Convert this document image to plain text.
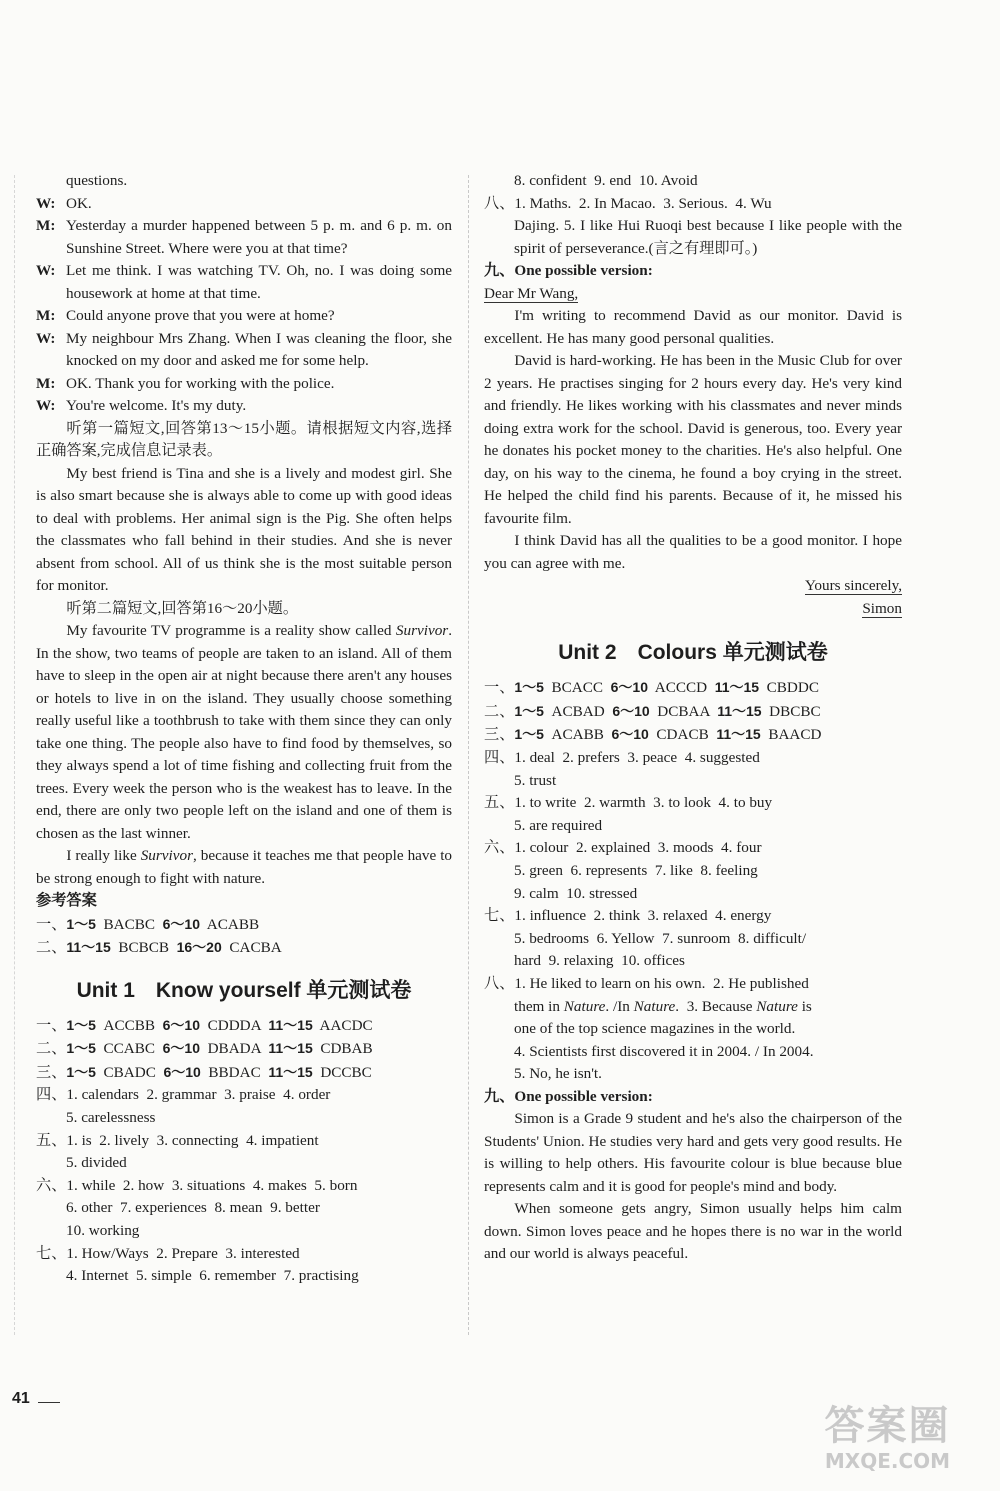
questions.
W: OK.
M: Yesterday a murder happened between 5 p. m. and 6 p. m. on Sunshine Street. Where were you at that time?
W: Let me think. I was watching TV. Oh, no. I was doing some housework at home at that time.
M: Could anyone prove that you were at home?
W: My neighbour Mrs Zhang. When I was cleaning the floor, she knocked on my door and asked me for some help.
M: OK. Thank you for working with the police.
W: You're welcome. It's my duty.

听第一篇短文,回答第13～15小题。请根据短文内容,选择正确答案,完成信息记录表。

My best friend is Tina and she is a lively and modest girl. She is also smart because she is always able to come up with good ideas to deal with problems. Her animal sign is the Pig. She often helps the classmates who fall behind in their studies. And she is never absent from school. All of us think she is the most suitable person for monitor.

听第二篇短文,回答第16～20小题。

My favourite TV programme is a reality show called Survivor. In the show, two teams of people are taken to an island. All of them have to sleep in the open air at night because there aren't any houses or hotels to live in on the island. They usually choose something really useful like a toothbrush to take with them since they can only take one thing. The people also have to find food by themselves, so they always spend a lot of time fishing and collecting fruit from the trees. Every week the person who is the weakest has to leave. In the end, there are only two people left on the island and one of them is chosen as the last winner.

I really like Survivor, because it teaches me that people have to be strong enough to fight with nature.

参考答案
一、1～5 BACBC 6～10 ACABB
二、11～15 BCBCB 16～20 CACBA
Unit 1　Know yourself 单元测试卷
一、1～5 ACCBB 6～10 CDDDA 11～15 AACDC
二、1～5 CCABC 6～10 DBADA 11～15 CDBAB
三、1～5 CBADC 6～10 BBDAC 11～15 DCCBC
四、1. calendars  2. grammar  3. praise  4. order
5. carelessness
五、1. is  2. lively  3. connecting  4. impatient
5. divided
六、1. while  2. how  3. situations  4. makes  5. born
6. other  7. experiences  8. mean  9. better
10. working
七、1. How/Ways  2. Prepare  3. interested
4. Internet  5. simple  6. remember  7. practising
8. confident  9. end  10. Avoid
八、1. Maths.  2. In Macao.  3. Serious.  4. Wu

Dajing. 5. I like Hui Ruoqi best because I like people with the spirit of perseverance.(言之有理即可。)

九、One possible version:
Dear Mr Wang,

I'm writing to recommend David as our monitor. David is excellent. He has many good personal qualities.

David is hard-working. He has been in the Music Club for over 2 years. He practises singing for 2 hours every day. He's very kind and friendly. He likes working with his classmates and never minds doing extra work for the school. David is generous, too. Every year he donates his pocket money to the charities. He's also helpful. One day, on his way to the cinema, he found a boy crying in the street. He helped the child find his parents. Because of it, he missed his favourite film.

I think David has all the qualities to be a good monitor. I hope you can agree with me.

Yours sincerely,
Simon
Unit 2　Colours 单元测试卷
一、1～5 BCACC 6～10 ACCCD 11～15 CBDDC
二、1～5 ACBAD 6～10 DCBAA 11～15 DBCBC
三、1～5 ACABB 6～10 CDACB 11～15 BAACD
四、1. deal  2. prefers  3. peace  4. suggested
5. trust
五、1. to write  2. warmth  3. to look  4. to buy
5. are required
六、1. colour  2. explained  3. moods  4. four
5. green  6. represents  7. like  8. feeling
9. calm  10. stressed
七、1. influence  2. think  3. relaxed  4. energy
5. bedrooms  6. Yellow  7. sunroom  8. difficult/
hard  9. relaxing  10. offices
八、1. He liked to learn on his own.  2. He published
them in Nature. /In Nature.  3. Because Nature is
one of the top science magazines in the world.
4. Scientists first discovered it in 2004. / In 2004.
5. No, he isn't.
九、One possible version:

Simon is a Grade 9 student and he's also the chairperson of the Students' Union. He studies very hard and gets very good results. He is willing to help others. His favourite colour is blue because blue represents calm and it is good for people's mind and body.

When someone gets angry, Simon usually helps him calm down. Simon loves peace and he hopes there is no war in the world and our world is always peaceful.

41
答案圈
MXQE.COM
